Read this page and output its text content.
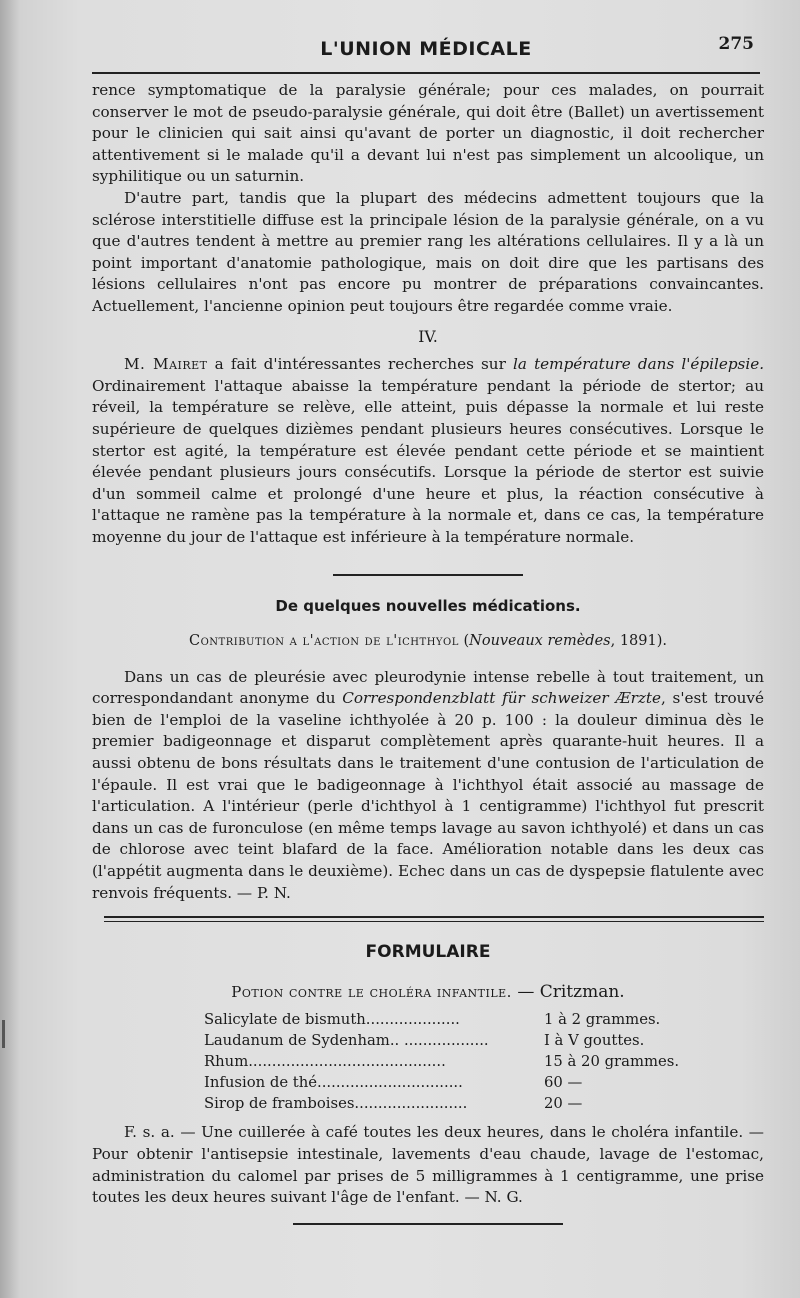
L'UNION MÉDICALE	275

rence symptomatique de la paralysie générale; pour ces malades, on pourrait conserver le mot de pseudo-paralysie générale, qui doit être (Ballet) un avertissement pour le clinicien qui sait ainsi qu'avant de porter un diagnostic, il doit rechercher attentivement si le malade qu'il a devant lui n'est pas simplement un alcoolique, un syphilitique ou un saturnin.

D'autre part, tandis que la plupart des médecins admettent toujours que la sclérose interstitielle diffuse est la principale lésion de la paralysie générale, on a vu que d'autres tendent à mettre au premier rang les altérations cellulaires. Il y a là un point important d'anatomie pathologique, mais on doit dire que les partisans des lésions cellulaires n'ont pas encore pu montrer de préparations convaincantes. Actuellement, l'ancienne opinion peut toujours être regardée comme vraie.

IV.

M. Mairet a fait d'intéressantes recherches sur la température dans l'épilepsie. Ordinairement l'attaque abaisse la température pendant la période de stertor; au réveil, la température se relève, elle atteint, puis dépasse la normale et lui reste supérieure de quelques dizièmes pendant plusieurs heures consécutives. Lorsque le stertor est agité, la température est élevée pendant cette période et se maintient élevée pendant plusieurs jours consécutifs. Lorsque la période de stertor est suivie d'un sommeil calme et prolongé d'une heure et plus, la réaction consécutive à l'attaque ne ramène pas la température à la normale et, dans ce cas, la température moyenne du jour de l'attaque est inférieure à la température normale.

De quelques nouvelles médications.
Contribution a l'action de l'ichthyol (Nouveaux remèdes, 1891).

Dans un cas de pleurésie avec pleurodynie intense rebelle à tout traitement, un correspondandant anonyme du Correspondenzblatt für schweizer Ærzte, s'est trouvé bien de l'emploi de la vaseline ichthyolée à 20 p. 100 : la douleur diminua dès le premier badigeonnage et disparut complètement après quarante-huit heures. Il a aussi obtenu de bons résultats dans le traitement d'une contusion de l'articulation de l'épaule. Il est vrai que le badigeonnage à l'ichthyol était associé au massage de l'articulation. A l'intérieur (perle d'ichthyol à 1 centigramme) l'ichthyol fut prescrit dans un cas de furonculose (en même temps lavage au savon ichthyolé) et dans un cas de chlorose avec teint blafard de la face. Amélioration notable dans les deux cas (l'appétit augmenta dans le deuxième). Echec dans un cas de dyspepsie flatulente avec renvois fréquents. — P. N.

FORMULAIRE
Potion contre le choléra infantile. — Critzman.
Salicylate de bismuth....................	1 à 2 grammes.
Laudanum de Sydenham.. ..................	I à V gouttes.
Rhum..........................................	15 à 20 grammes.
Infusion de thé...............................	60 —
Sirop de framboises........................	20 —

F. s. a. — Une cuillerée à café toutes les deux heures, dans le choléra infantile. — Pour obtenir l'antisepsie intestinale, lavements d'eau chaude, lavage de l'estomac, administration du calomel par prises de 5 milligrammes à 1 centigramme, une prise toutes les deux heures suivant l'âge de l'enfant. — N. G.
